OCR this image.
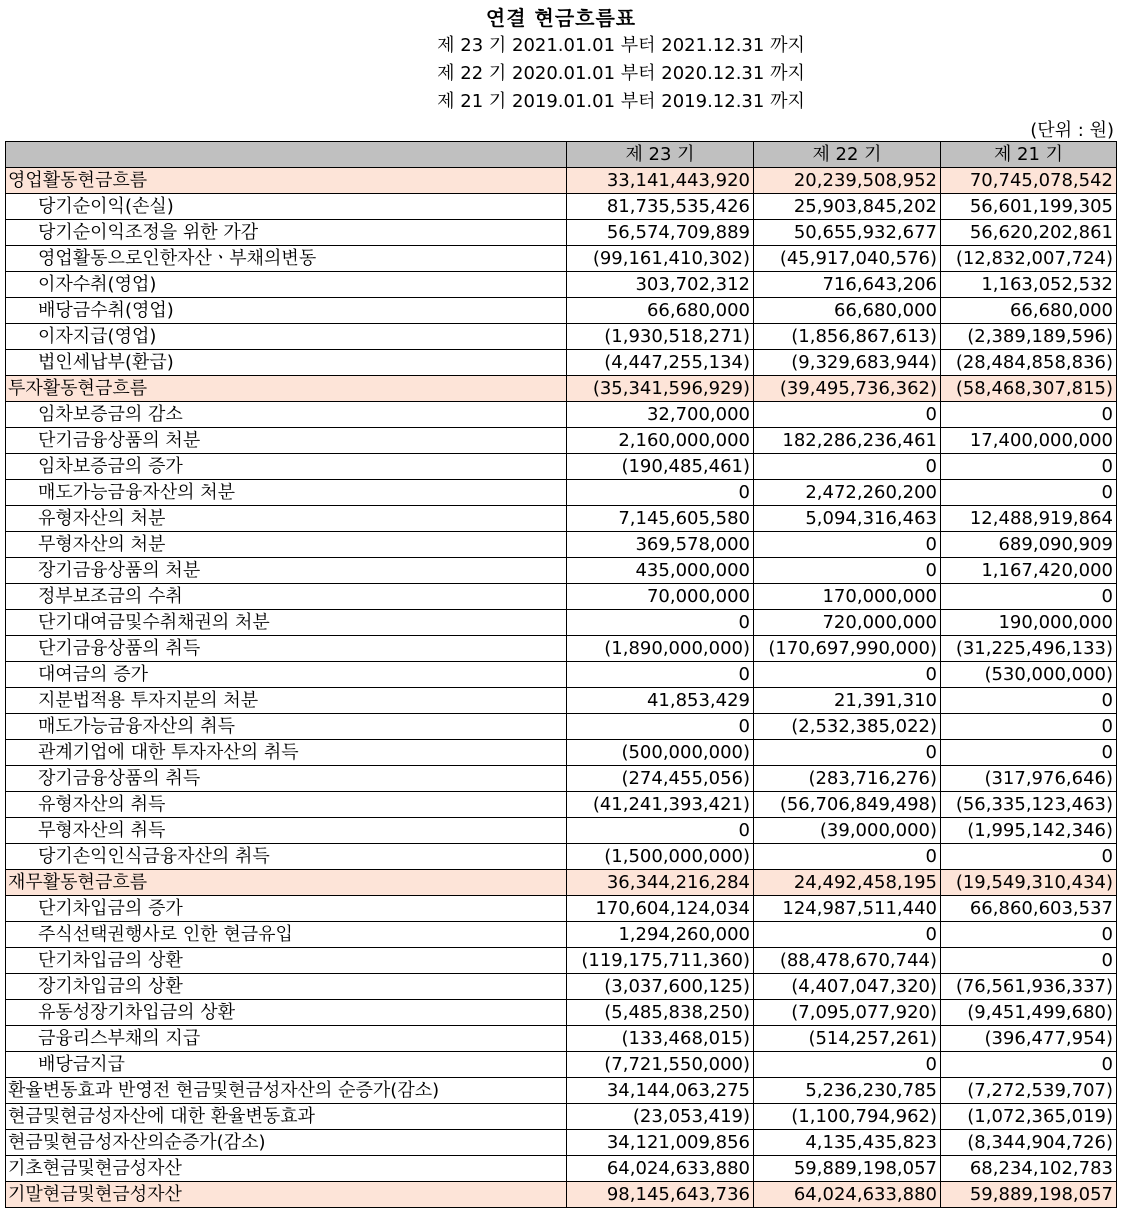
연결 현금흐름표
제 23 기 2021.01.01 부터 2021.12.31 까지
제 22 기 2020.01.01 부터 2020.12.31 까지
제 21 기 2019.01.01 부터 2019.12.31 까지
(단위 : 원)
	제 23 기	제 22 기	제 21 기
영업활동현금흐름	33,141,443,920	20,239,508,952	70,745,078,542
당기순이익(손실)	81,735,535,426	25,903,845,202	56,601,199,305
당기순이익조정을 위한 가감	56,574,709,889	50,655,932,677	56,620,202,861
영업활동으로인한자산ㆍ부채의변동	(99,161,410,302)	(45,917,040,576)	(12,832,007,724)
이자수취(영업)	303,702,312	716,643,206	1,163,052,532
배당금수취(영업)	66,680,000	66,680,000	66,680,000
이자지급(영업)	(1,930,518,271)	(1,856,867,613)	(2,389,189,596)
법인세납부(환급)	(4,447,255,134)	(9,329,683,944)	(28,484,858,836)
투자활동현금흐름	(35,341,596,929)	(39,495,736,362)	(58,468,307,815)
임차보증금의 감소	32,700,000	0	0
단기금융상품의 처분	2,160,000,000	182,286,236,461	17,400,000,000
임차보증금의 증가	(190,485,461)	0	0
매도가능금융자산의 처분	0	2,472,260,200	0
유형자산의 처분	7,145,605,580	5,094,316,463	12,488,919,864
무형자산의 처분	369,578,000	0	689,090,909
장기금융상품의 처분	435,000,000	0	1,167,420,000
정부보조금의 수취	70,000,000	170,000,000	0
단기대여금및수취채권의 처분	0	720,000,000	190,000,000
단기금융상품의 취득	(1,890,000,000)	(170,697,990,000)	(31,225,496,133)
대여금의 증가	0	0	(530,000,000)
지분법적용 투자지분의 처분	41,853,429	21,391,310	0
매도가능금융자산의 취득	0	(2,532,385,022)	0
관계기업에 대한 투자자산의 취득	(500,000,000)	0	0
장기금융상품의 취득	(274,455,056)	(283,716,276)	(317,976,646)
유형자산의 취득	(41,241,393,421)	(56,706,849,498)	(56,335,123,463)
무형자산의 취득	0	(39,000,000)	(1,995,142,346)
당기손익인식금융자산의 취득	(1,500,000,000)	0	0
재무활동현금흐름	36,344,216,284	24,492,458,195	(19,549,310,434)
단기차입금의 증가	170,604,124,034	124,987,511,440	66,860,603,537
주식선택권행사로 인한 현금유입	1,294,260,000	0	0
단기차입금의 상환	(119,175,711,360)	(88,478,670,744)	0
장기차입금의 상환	(3,037,600,125)	(4,407,047,320)	(76,561,936,337)
유동성장기차입금의 상환	(5,485,838,250)	(7,095,077,920)	(9,451,499,680)
금융리스부채의 지급	(133,468,015)	(514,257,261)	(396,477,954)
배당금지급	(7,721,550,000)	0	0
환율변동효과 반영전 현금및현금성자산의 순증가(감소)	34,144,063,275	5,236,230,785	(7,272,539,707)
현금및현금성자산에 대한 환율변동효과	(23,053,419)	(1,100,794,962)	(1,072,365,019)
현금및현금성자산의순증가(감소)	34,121,009,856	4,135,435,823	(8,344,904,726)
기초현금및현금성자산	64,024,633,880	59,889,198,057	68,234,102,783
기말현금및현금성자산	98,145,643,736	64,024,633,880	59,889,198,057
